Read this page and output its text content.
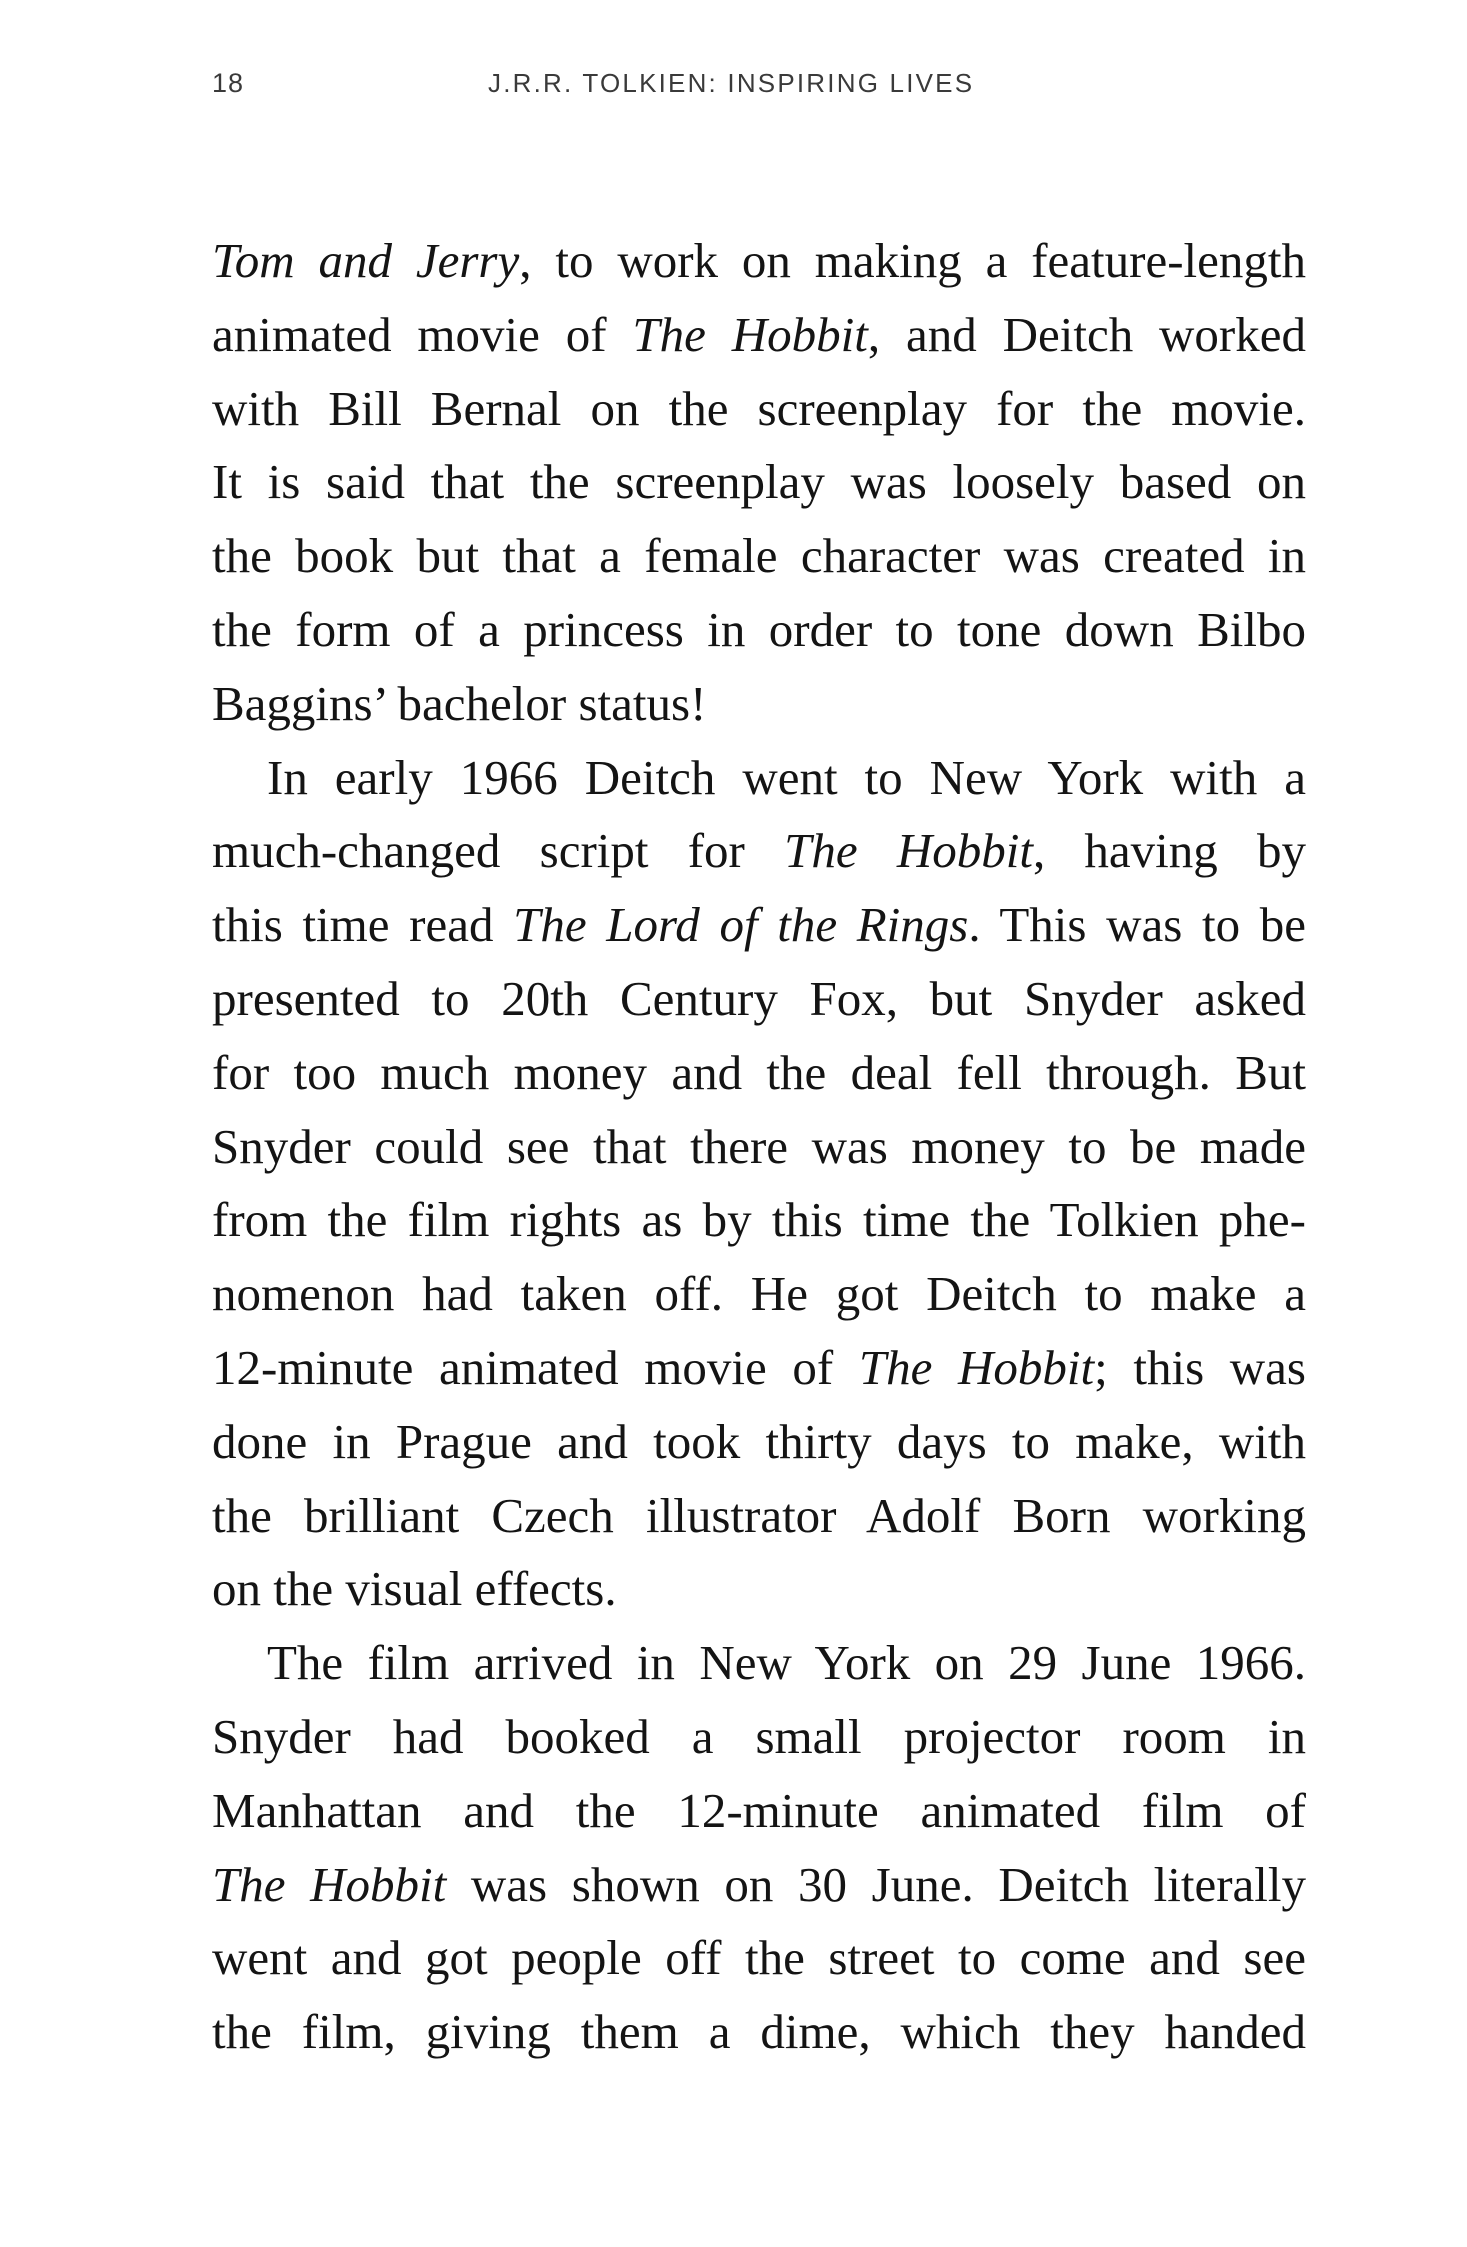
18	J.R.R. TOLKIEN: INSPIRING LIVES
Tom and Jerry, to work on making a feature-length
animated movie of The Hobbit, and Deitch worked
with Bill Bernal on the screenplay for the movie.
It is said that the screenplay was loosely based on
the book but that a female character was created in
the form of a princess in order to tone down Bilbo
Baggins’ bachelor status!
In early 1966 Deitch went to New York with a
much-changed script for The Hobbit, having by
this time read The Lord of the Rings. This was to be
presented to 20th Century Fox, but Snyder asked
for too much money and the deal fell through. But
Snyder could see that there was money to be made
from the film rights as by this time the Tolkien phe-
nomenon had taken off. He got Deitch to make a
12-minute animated movie of The Hobbit; this was
done in Prague and took thirty days to make, with
the brilliant Czech illustrator Adolf Born working
on the visual effects.
The film arrived in New York on 29 June 1966.
Snyder had booked a small projector room in
Manhattan and the 12-minute animated film of
The Hobbit was shown on 30 June. Deitch literally
went and got people off the street to come and see
the film, giving them a dime, which they handed
